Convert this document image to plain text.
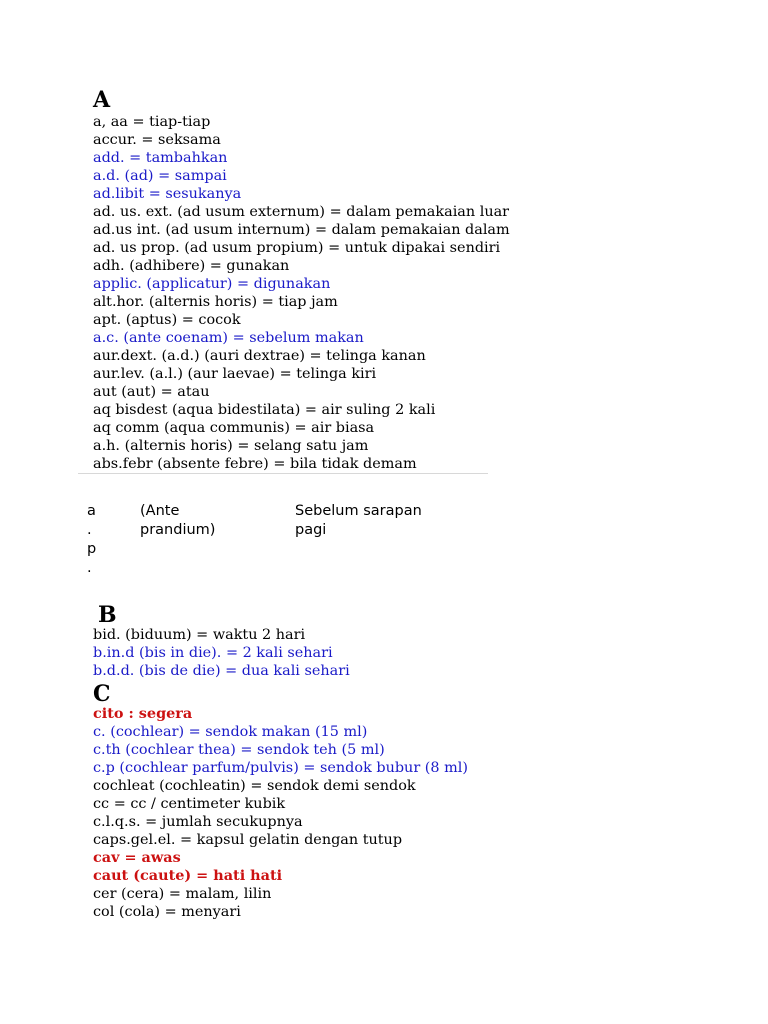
A
a, aa = tiap-tiap
accur. = seksama
add. = tambahkan
a.d. (ad) = sampai
ad.libit = sesukanya
ad. us. ext. (ad usum externum) = dalam pemakaian luar
ad.us int. (ad usum internum) = dalam pemakaian dalam
ad. us prop. (ad usum propium) = untuk dipakai sendiri
adh. (adhibere) = gunakan
applic. (applicatur) = digunakan
alt.hor. (alternis horis) = tiap jam
apt. (aptus) = cocok
a.c. (ante coenam) = sebelum makan
aur.dext. (a.d.) (auri dextrae) = telinga kanan
aur.lev. (a.l.) (aur laevae) = telinga kiri
aut (aut) = atau
aq bisdest (aqua bidestilata) = air suling 2 kali
aq comm (aqua communis) = air biasa
a.h. (alternis horis) = selang satu jam
abs.febr (absente febre) = bila tidak demam
a
.
p
.
(Ante
prandium)
Sebelum sarapan
pagi
B
bid. (biduum) = waktu 2 hari
b.in.d (bis in die). = 2 kali sehari
b.d.d. (bis de die) = dua kali sehari
C
cito : segera
c. (cochlear) = sendok makan (15 ml)
c.th (cochlear thea) = sendok teh (5 ml)
c.p (cochlear parfum/pulvis) = sendok bubur (8 ml)
cochleat (cochleatin) = sendok demi sendok
cc = cc / centimeter kubik
c.l.q.s. = jumlah secukupnya
caps.gel.el. = kapsul gelatin dengan tutup
cav = awas
caut (caute) = hati hati
cer (cera) = malam, lilin
col (cola) = menyari
